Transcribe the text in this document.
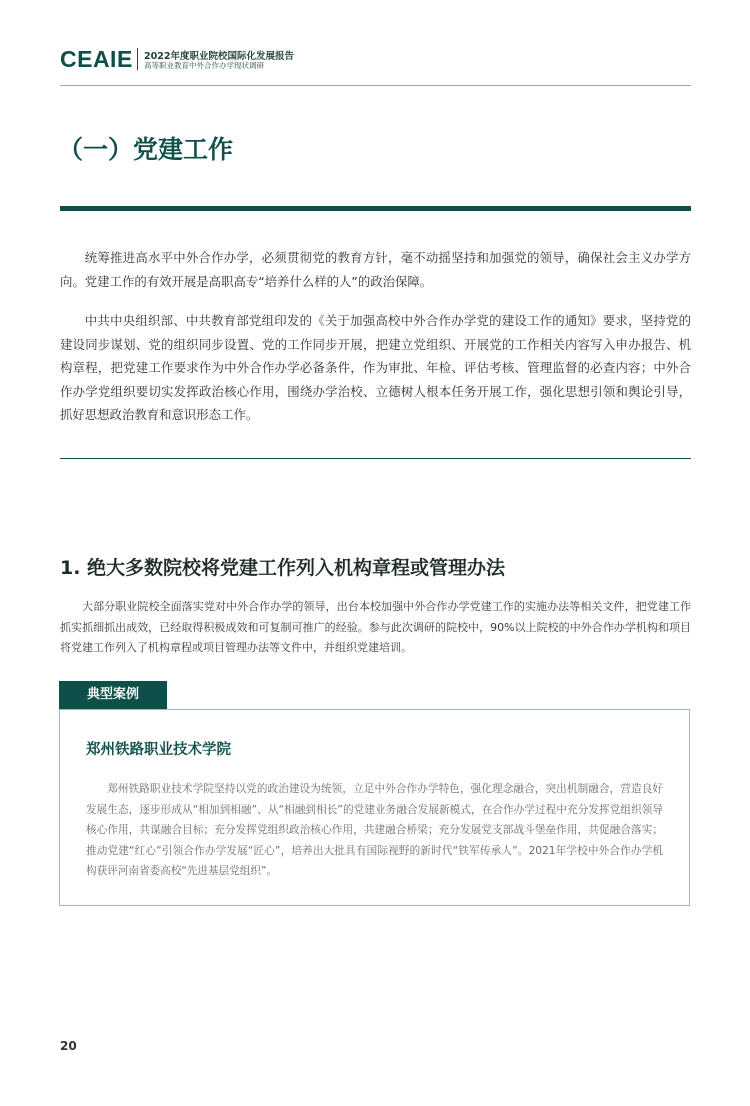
CEAIE 2022年度职业院校国际化发展报告
高等职业教育中外合作办学现状调研
（一）党建工作

统筹推进高水平中外合作办学，必须贯彻党的教育方针，毫不动摇坚持和加强党的领导，确保社会主义办学方向。党建工作的有效开展是高职高专“培养什么样的人”的政治保障。

中共中央组织部、中共教育部党组印发的《关于加强高校中外合作办学党的建设工作的通知》要求，坚持党的建设同步谋划、党的组织同步设置、党的工作同步开展，把建立党组织、开展党的工作相关内容写入申办报告、机构章程，把党建工作要求作为中外合作办学必备条件，作为审批、年检、评估考核、管理监督的必查内容；中外合作办学党组织要切实发挥政治核心作用，围绕办学治校、立德树人根本任务开展工作，强化思想引领和舆论引导，抓好思想政治教育和意识形态工作。

1. 绝大多数院校将党建工作列入机构章程或管理办法

大部分职业院校全面落实党对中外合作办学的领导，出台本校加强中外合作办学党建工作的实施办法等相关文件，把党建工作抓实抓细抓出成效，已经取得积极成效和可复制可推广的经验。参与此次调研的院校中，90%以上院校的中外合作办学机构和项目将党建工作列入了机构章程或项目管理办法等文件中，并组织党建培训。

典型案例
郑州铁路职业技术学院

郑州铁路职业技术学院坚持以党的政治建设为统领，立足中外合作办学特色，强化理念融合，突出机制融合，营造良好发展生态，逐步形成从“相加到相融”、从“相融到相长”的党建业务融合发展新模式，在合作办学过程中充分发挥党组织领导核心作用，共谋融合目标；充分发挥党组织政治核心作用，共建融合桥梁；充分发展党支部战斗堡垒作用，共促融合落实；推动党建“红心”引领合作办学发展“匠心”，培养出大批具有国际视野的新时代“铁军传承人”。2021年学校中外合作办学机构获评河南省委高校“先进基层党组织”。

20
